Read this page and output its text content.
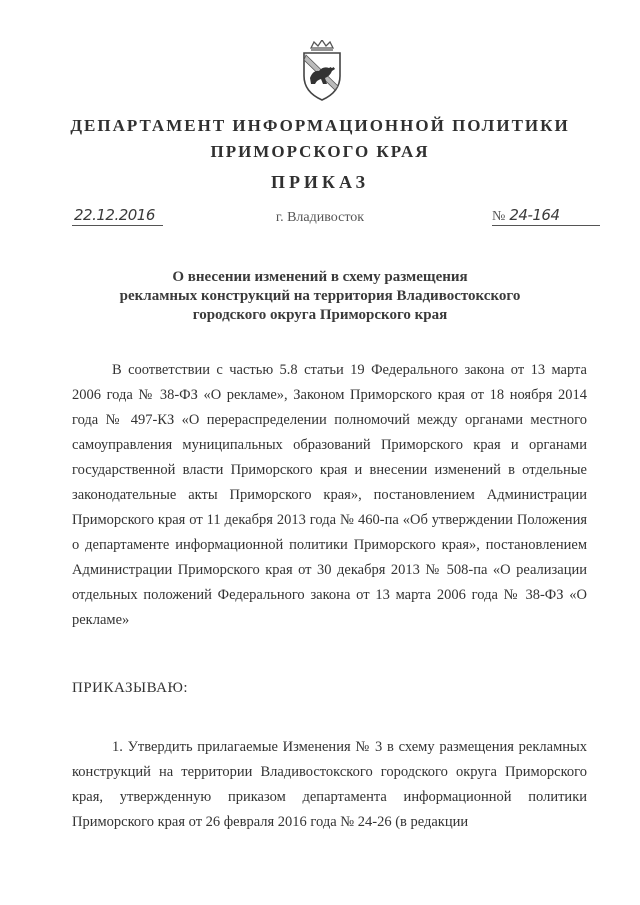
ДЕПАРТАМЕНТ ИНФОРМАЦИОННОЙ ПОЛИТИКИ
ПРИМОРСКОГО КРАЯ
ПРИКАЗ
22.12.2016	г. Владивосток	№ 24-164
О внесении изменений в схему размещения
рекламных конструкций на территория Владивостокского
городского округа Приморского края
В соответствии с частью 5.8 статьи 19 Федерального закона от 13 марта 2006 года № 38-ФЗ «О рекламе», Законом Приморского края от 18 ноября 2014 года № 497-КЗ «О перераспределении полномочий между органами местного самоуправления муниципальных образований Приморского края и органами государственной власти Приморского края и внесении изменений в отдельные законодательные акты Приморского края», постановлением Администрации Приморского края от 11 декабря 2013 года № 460-па «Об утверждении Положения о департаменте информационной политики Приморского края», постановлением Администрации Приморского края от 30 декабря 2013 № 508-па «О реализации отдельных положений Федерального закона от 13 марта 2006 года № 38-ФЗ «О рекламе»
ПРИКАЗЫВАЮ:
1. Утвердить прилагаемые Изменения № 3 в схему размещения рекламных конструкций на территории Владивостокского городского округа Приморского края, утвержденную приказом департамента информационной политики Приморского края от 26 февраля 2016 года № 24-26 (в редакции
